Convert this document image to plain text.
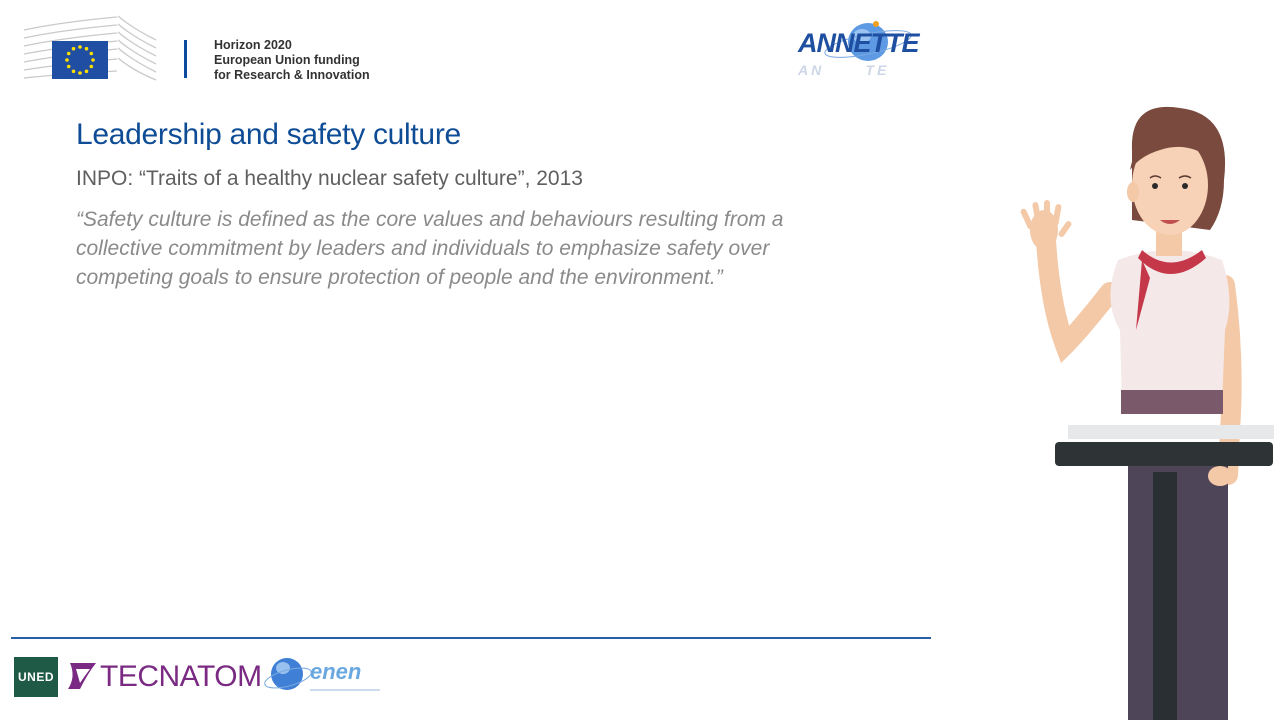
Horizon 2020
European Union funding
for Research & Innovation
ANNETTE
AN      TE
Leadership and safety culture
INPO: “Traits of a healthy nuclear safety culture”, 2013
“Safety culture is defined as the core values and behaviours resulting from a
collective commitment by leaders and individuals to emphasize safety over
competing goals to ensure protection of people and the environment.”
UNED TECNATOM enen
